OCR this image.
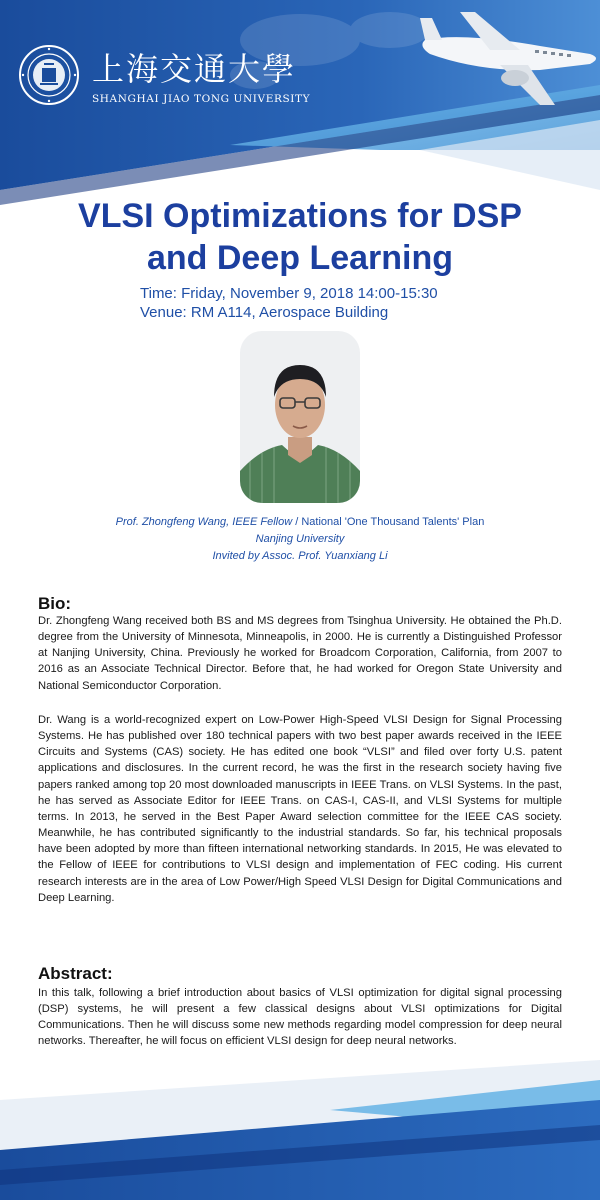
上海交通大學
SHANGHAI JIAO TONG UNIVERSITY
VLSI Optimizations for DSP
and Deep Learning
Time: Friday, November 9, 2018 14:00-15:30
Venue: RM A114, Aerospace Building
Prof. Zhongfeng Wang, IEEE Fellow / National 'One Thousand Talents' Plan
Nanjing University
Invited by Assoc. Prof. Yuanxiang Li
Bio:
Dr. Zhongfeng Wang received both BS and MS degrees from Tsinghua University. He obtained the Ph.D. degree from the University of Minnesota, Minneapolis, in 2000. He is currently a Distinguished Professor at Nanjing University, China. Previously he worked for Broadcom Corporation, California, from 2007 to 2016 as an Associate Technical Director. Before that, he had worked for Oregon State University and National Semiconductor Corporation.
Dr. Wang is a world-recognized expert on Low-Power High-Speed VLSI Design for Signal Processing Systems. He has published over 180 technical papers with two best paper awards received in the IEEE Circuits and Systems (CAS) society. He has edited one book “VLSI” and filed over forty U.S. patent applications and disclosures. In the current record, he was the first in the research society having five papers ranked among top 20 most downloaded manuscripts in IEEE Trans. on VLSI Systems. In the past, he has served as Associate Editor for IEEE Trans. on CAS-I, CAS-II, and VLSI Systems for multiple terms. In 2013, he served in the Best Paper Award selection committee for the IEEE CAS society. Meanwhile, he has contributed significantly to the industrial standards. So far, his technical proposals have been adopted by more than fifteen international networking standards. In 2015, He was elevated to the Fellow of IEEE for contributions to VLSI design and implementation of FEC coding. His current research interests are in the area of Low Power/High Speed VLSI Design for Digital Communications and Deep Learning.
Abstract:
In this talk, following a brief introduction about basics of VLSI optimization for digital signal processing (DSP) systems, he will present a few classical designs about VLSI optimizations for Digital Communications. Then he will discuss some new methods regarding model compression for deep neural networks. Thereafter, he will focus on efficient VLSI design for deep neural networks.
